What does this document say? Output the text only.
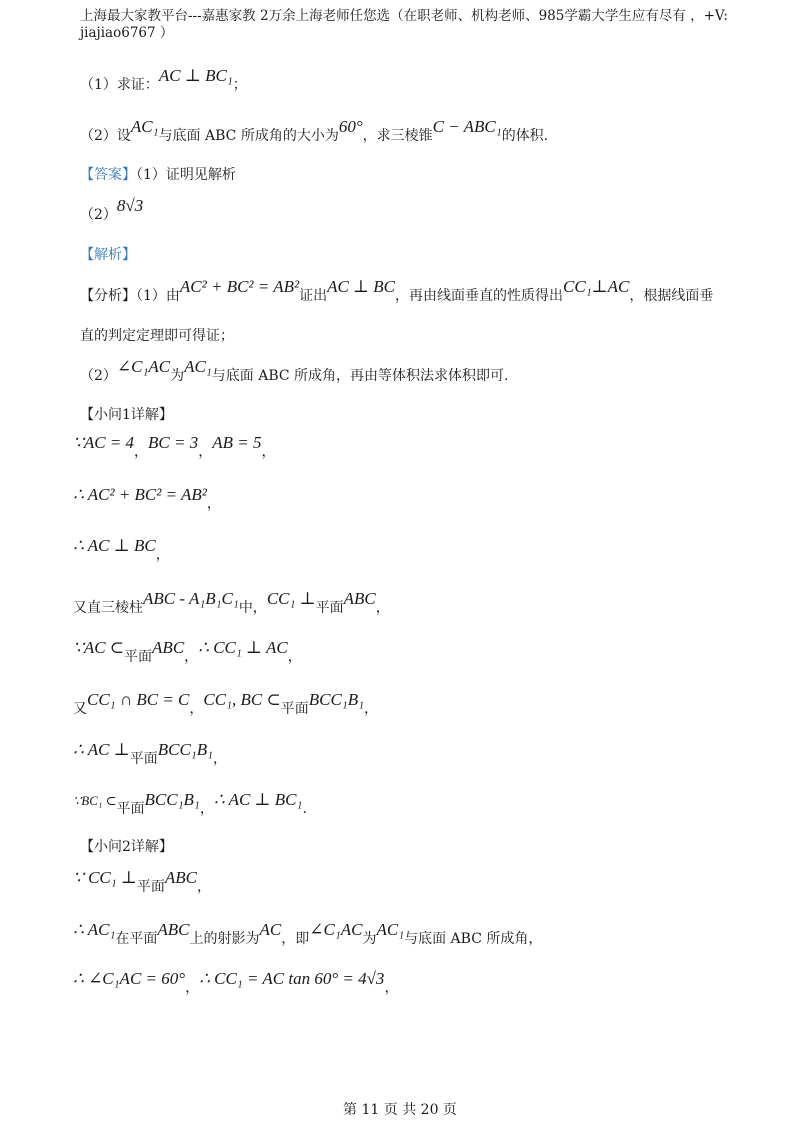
上海最大家教平台---嘉惠家教 2万余上海老师任您选（在职老师、机构老师、985学霸大学生应有尽有 ，+V:
jiajiao6767 ）
（1）求证：AC ⊥ BC₁；
（2）设AC₁与底面 ABC 所成角的大小为60°，求三棱锥C − ABC₁的体积.
【答案】（1）证明见解析
（2）8√3
【解析】
【分析】（1）由AC² + BC² = AB²证出AC ⊥ BC，再由线面垂直的性质得出CC₁⊥AC，根据线面垂
直的判定定理即可得证；
（2）∠C₁AC为AC₁与底面 ABC 所成角，再由等体积法求体积即可.
【小问1详解】
∵AC = 4，BC = 3，AB = 5，
∴ AC² + BC² = AB²，
∴ AC ⊥ BC，
又直三棱柱ABC - A₁B₁C₁中，CC₁ ⊥平面ABC，
∵AC ⊂平面ABC，∴ CC₁ ⊥ AC，
又CC₁ ∩ BC = C，CC₁, BC ⊂平面BCC₁B₁，
∴ AC ⊥平面BCC₁B₁，
∵BC₁ ⊂平面BCC₁B₁，∴ AC ⊥ BC₁.
【小问2详解】
∵ CC₁ ⊥平面ABC，
∴ AC₁在平面ABC上的射影为AC，即∠C₁AC为AC₁与底面 ABC 所成角，
∴ ∠C₁AC = 60°，∴ CC₁ = AC tan 60° = 4√3，
第 11 页 共 20 页
